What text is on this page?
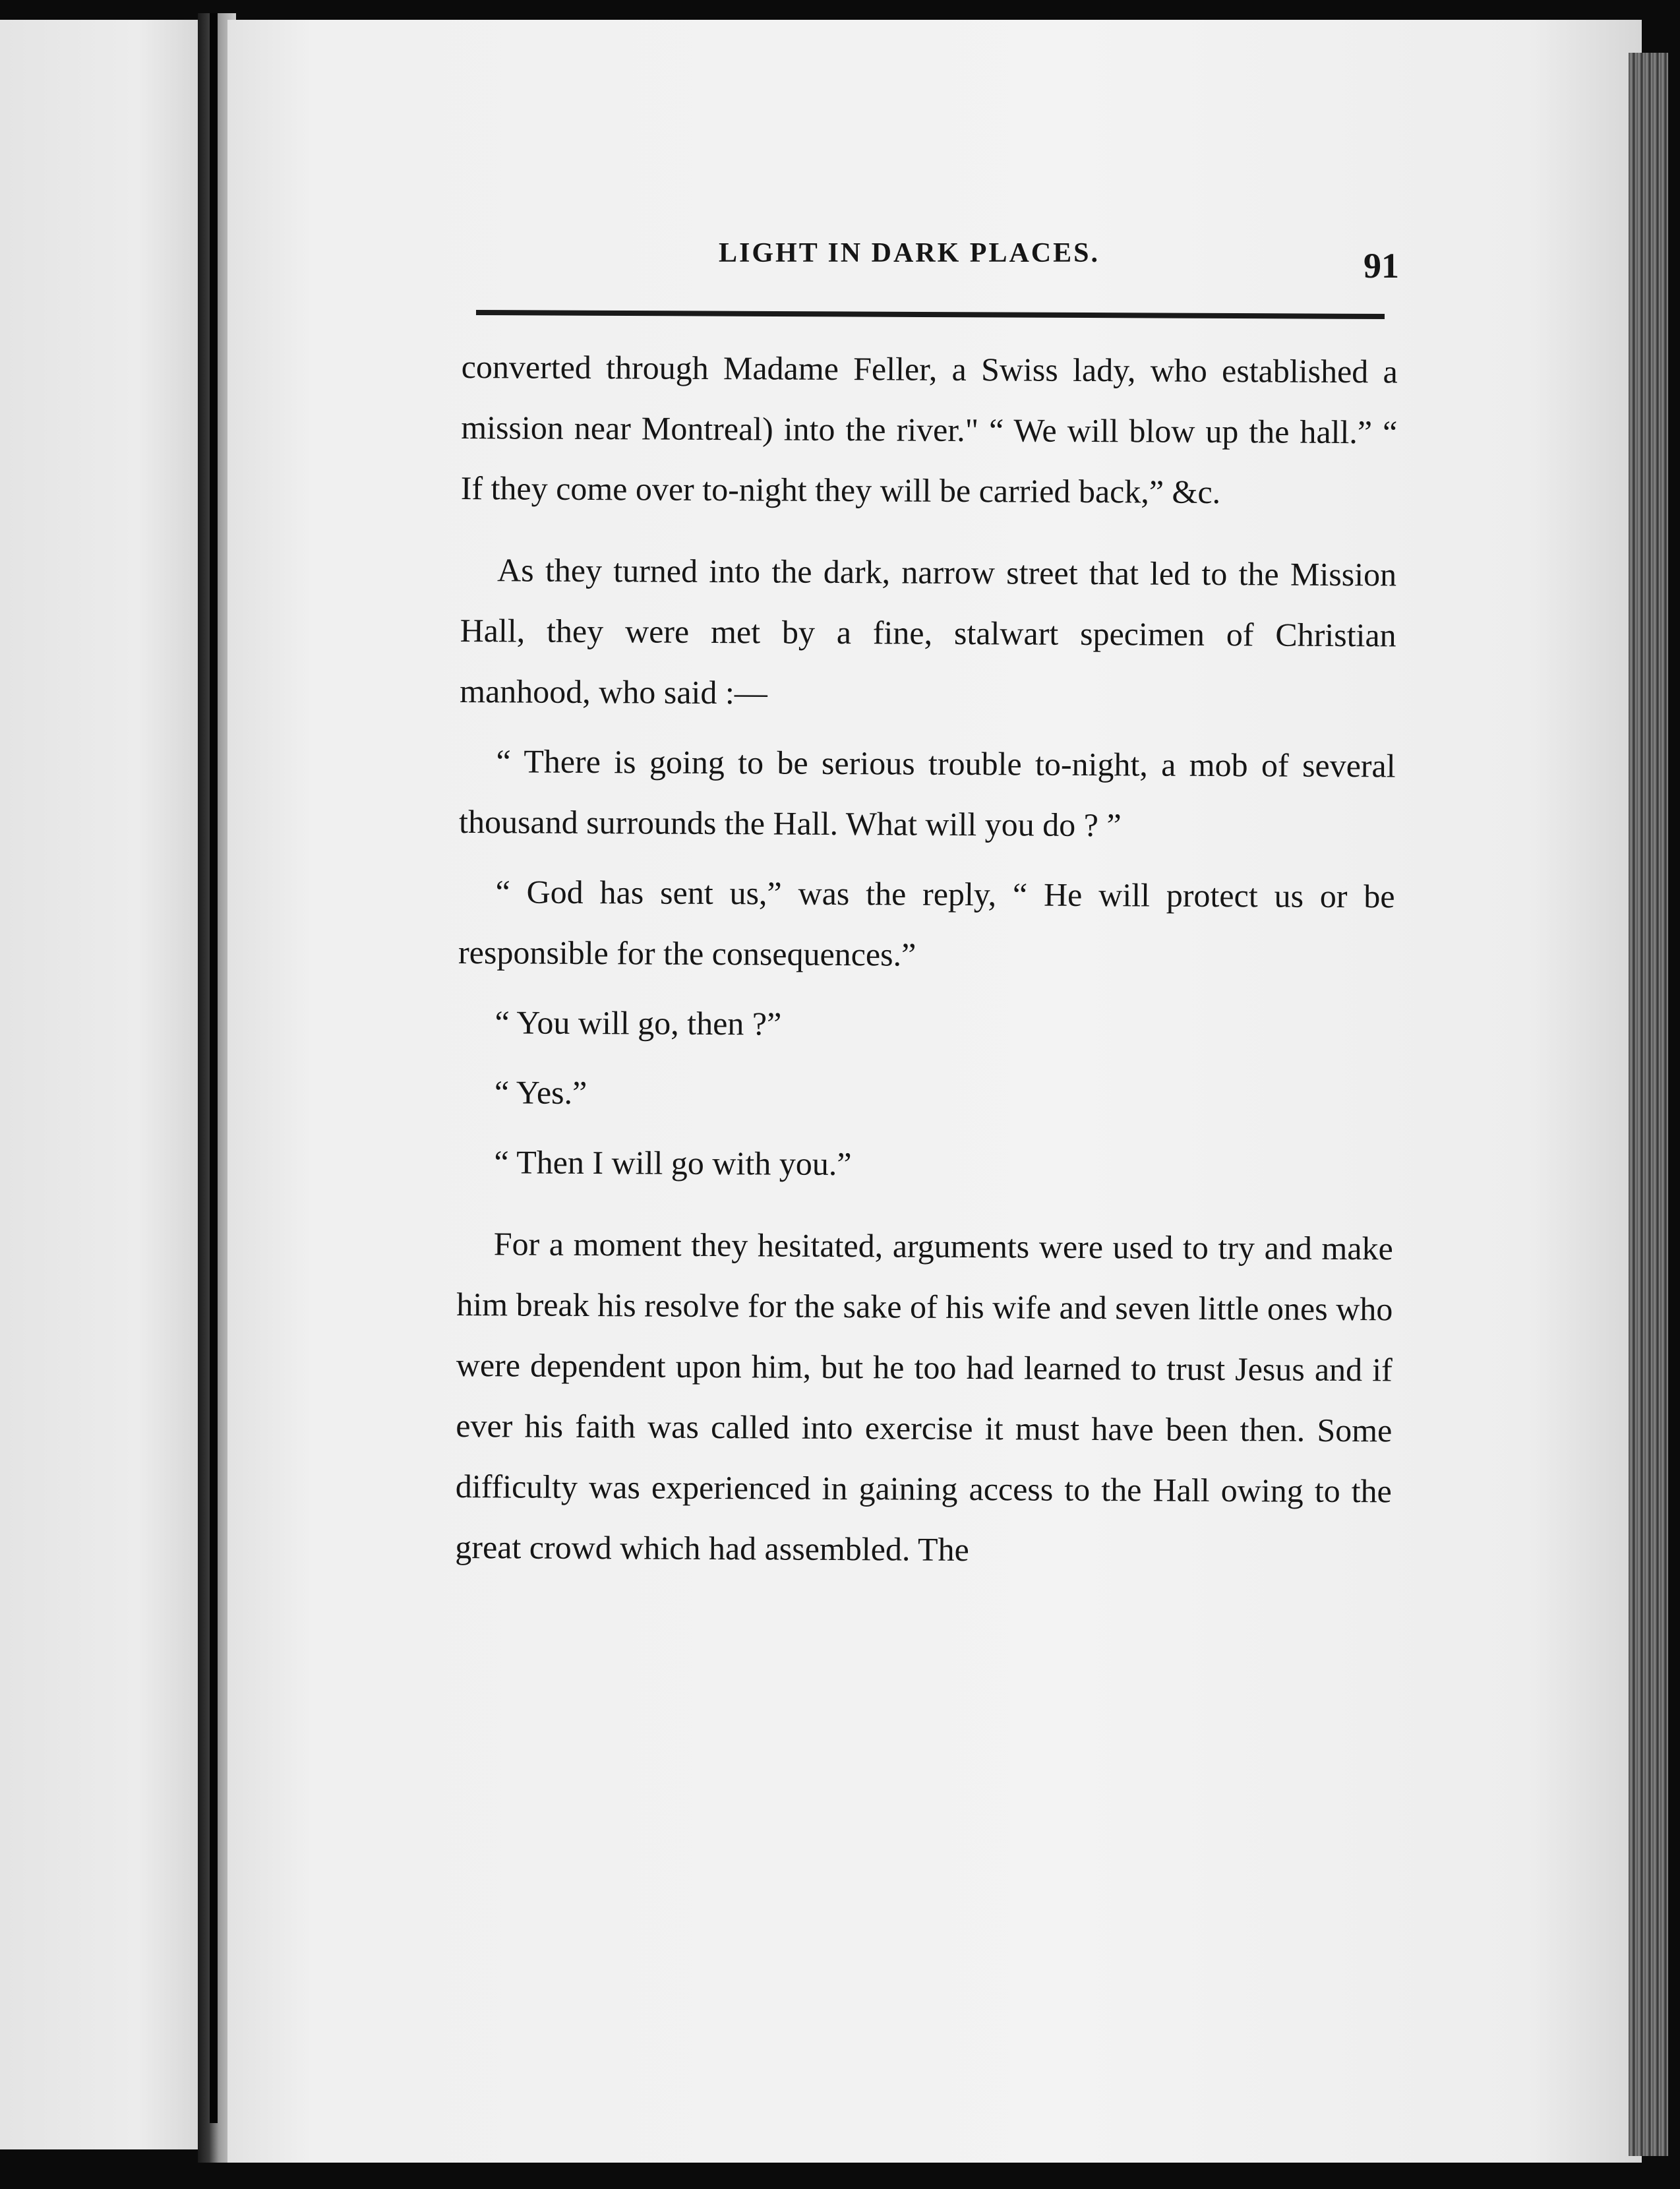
LIGHT IN DARK PLACES.	91

converted through Madame Feller, a Swiss lady, who established a mission near Montreal) into the river." “ We will blow up the hall.” “ If they come over to-night they will be carried back,” &c.

As they turned into the dark, narrow street that led to the Mission Hall, they were met by a fine, stalwart specimen of Christian manhood, who said :—

“ There is going to be serious trouble to-night, a mob of several thousand surrounds the Hall. What will you do ? ”

“ God has sent us,” was the reply, “ He will protect us or be responsible for the consequences.”

“ You will go, then ?”

“ Yes.”

“ Then I will go with you.”

For a moment they hesitated, arguments were used to try and make him break his resolve for the sake of his wife and seven little ones who were dependent upon him, but he too had learned to trust Jesus and if ever his faith was called into exercise it must have been then. Some difficulty was experienced in gaining access to the Hall owing to the great crowd which had assembled. The
